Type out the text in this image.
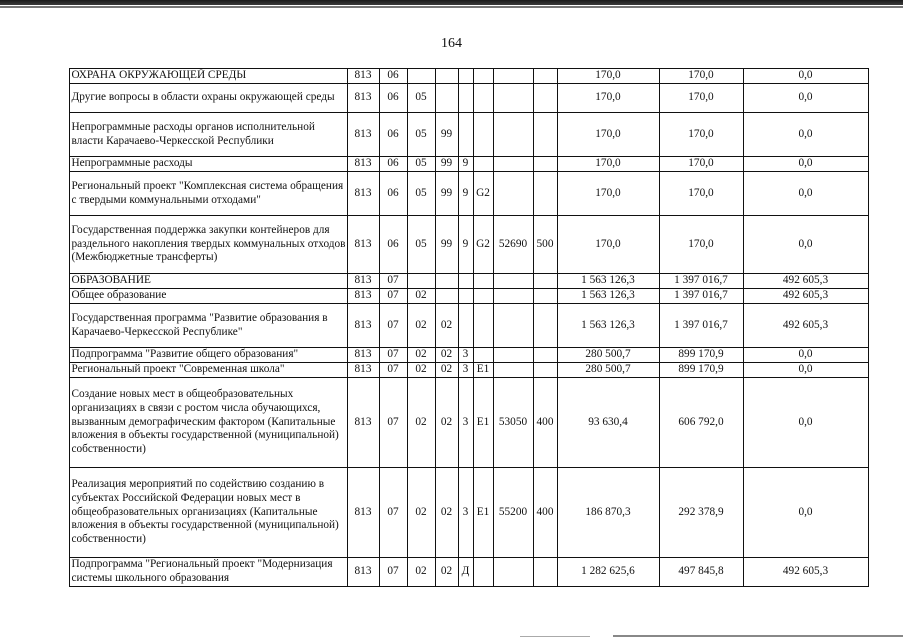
164
	ОХРАНА ОКРУЖАЮЩЕЙ СРЕДЫ	813	06							170,0	170,0	0,0
	Другие вопросы в области охраны окружающей среды	813	06	05						170,0	170,0	0,0
	Непрограммные расходы органов исполнительной власти Карачаево-Черкесской Республики	813	06	05	99					170,0	170,0	0,0
	Непрограммные расходы	813	06	05	99	9				170,0	170,0	0,0
	Региональный проект "Комплексная система обращения с твердыми коммунальными отходами"	813	06	05	99	9	G2			170,0	170,0	0,0
	Государственная поддержка закупки контейнеров для раздельного накопления твердых коммунальных отходов (Межбюджетные трансферты)	813	06	05	99	9	G2	52690	500	170,0	170,0	0,0
	ОБРАЗОВАНИЕ	813	07							1 563 126,3	1 397 016,7	492 605,3
	Общее образование	813	07	02						1 563 126,3	1 397 016,7	492 605,3
	Государственная программа "Развитие образования в Карачаево-Черкесской Республике"	813	07	02	02					1 563 126,3	1 397 016,7	492 605,3
	Подпрограмма "Развитие общего образования"	813	07	02	02	3				280 500,7	899 170,9	0,0
	Региональный проект "Современная школа"	813	07	02	02	3	E1			280 500,7	899 170,9	0,0
	Создание новых мест в общеобразовательных организациях в связи с ростом числа обучающихся, вызванным демографическим фактором (Капитальные вложения в объекты государственной (муниципальной) собственности)	813	07	02	02	3	E1	53050	400	93 630,4	606 792,0	0,0
	Реализация мероприятий по содействию созданию в субъектах Российской Федерации новых мест в общеобразовательных организациях (Капитальные вложения в объекты государственной (муниципальной) собственности)	813	07	02	02	3	E1	55200	400	186 870,3	292 378,9	0,0
	Подпрограмма "Региональный проект "Модернизация системы школьного образования	813	07	02	02	Д				1 282 625,6	497 845,8	492 605,3
